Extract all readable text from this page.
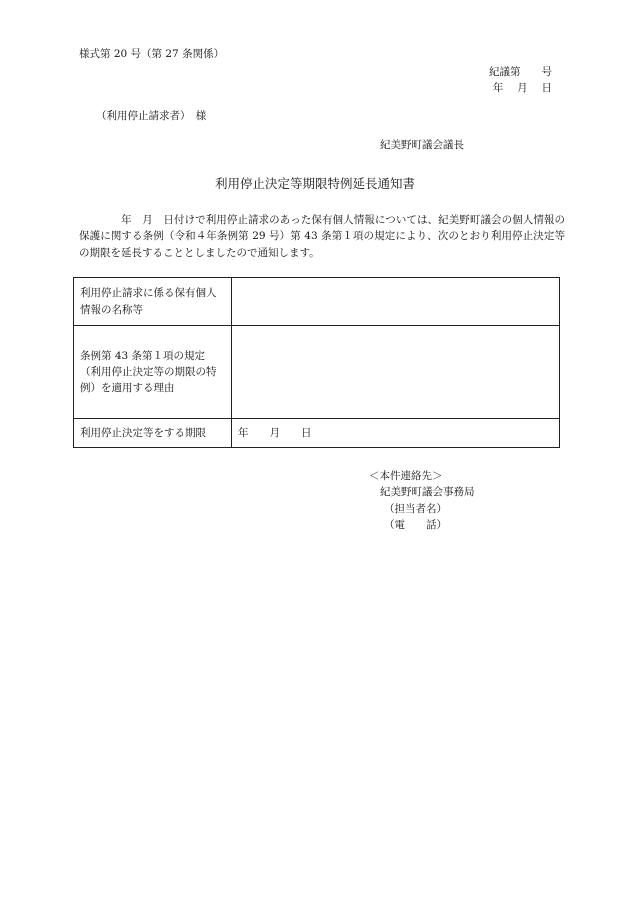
様式第 20 号（第 27 条関係）
紀議第　　号
年　 月　 日
（利用停止請求者）　様
紀美野町議会議長
利用停止決定等期限特例延長通知書
年　月　日付けで利用停止請求のあった保有個人情報については、紀美野町議会の個人情報の保護に関する条例（令和４年条例第 29 号）第 43 条第１項の規定により、次のとおり利用停止決定等の期限を延長することとしましたので通知します。
利用停止請求に係る保有個人情報の名称等	
条例第 43 条第１項の規定（利用停止決定等の期限の特例）を適用する理由	
利用停止決定等をする期限	年　　月　　日
＜本件連絡先＞
紀美野町議会事務局
（担当者名）
（電　　話）
